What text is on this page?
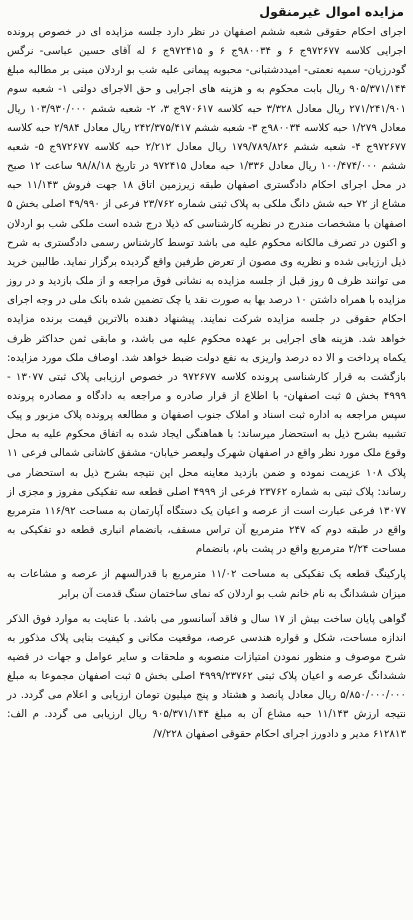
مزایده اموال غیرمنقول

اجرای احکام حقوقی شعبه ششم اصفهان در نظر دارد جلسه مزایده ای در خصوص پرونده اجرایی کلاسه ۹۷۲۶۷۷ج ۶ و ۹۸۰۰۳۴ج ۶ و ۹۷۲۴۱۵ج ۶ له آقای حسین عباسی- نرگس گودرزیان- سمیه نعمتی- امیددشتبانی- محبوبه پیمانی علیه شب بو اردلان مبنی بر مطالبه مبلغ ۹۰۵/۳۷۱/۱۴۴ ریال بابت محکوم به و هزینه های اجرایی و حق الاجرای دولتی ۱- شعبه سوم ۲۷۱/۲۴۱/۹۰۱ ریال معادل ۳/۳۲۸ حبه کلاسه ۹۷۰۶۱۷ج ۳، ۲- شعبه ششم ۱۰۳/۹۳۰/۰۰۰ ریال معادل ۱/۲۷۹ حبه کلاسه ۹۸۰۰۳۴ج ۳- شعبه ششم ۲۴۲/۳۷۵/۴۱۷ ریال معادل ۲/۹۸۴ حبه کلاسه ۹۷۲۶۷۷ج ۴- شعبه ششم ۱۷۹/۷۸۹/۸۲۶ ریال معادل ۲/۲۱۲ حبه کلاسه ۹۷۲۶۷۷ج ۵- شعبه ششم ۱۰۰/۴۷۴/۰۰۰ ریال معادل ۱/۳۳۶ حبه معادل ۹۷۲۴۱۵ در تاریخ ۹۸/۸/۱۸ ساعت ۱۲ صبح در محل اجرای احکام دادگستری اصفهان طبقه زیرزمین اتاق ۱۸ جهت فروش ۱۱/۱۴۳ حبه مشاع از ۷۲ حبه شش دانگ ملکی به پلاک ثبتی شماره ۲۳/۷۶۲ فرعی از ۴۹/۹۹۰ اصلی بخش ۵ اصفهان با مشخصات مندرج در نظریه کارشناسی که ذیلا درج شده است ملکی شب بو اردلان و اکنون در تصرف مالکانه محکوم علیه می باشد توسط کارشناس رسمی دادگستری به شرح ذیل ارزیابی شده و نظریه وی مصون از تعرض طرفین واقع گردیده برگزار نماید. طالبین خرید می توانند ظرف ۵ روز قبل از جلسه مزایده به نشانی فوق مراجعه و از ملک بازدید و در روز مزایده با همراه داشتن ۱۰ درصد بها به صورت نقد یا چک تضمین شده بانک ملی در وجه اجرای احکام حقوقی در جلسه مزایده شرکت نمایند. پیشنهاد دهنده بالاترین قیمت برنده مزایده خواهد شد. هزینه های اجرایی بر عهده محکوم علیه می باشد، و مابقی ثمن حداکثر ظرف یکماه پرداخت و الا ده درصد واریزی به نفع دولت ضبط خواهد شد. اوصاف ملک مورد مزایده: بازگشت به قرار کارشناسی پرونده کلاسه ۹۷۲۶۷۷ در خصوص ارزیابی پلاک ثبتی ۱۳۰۷۷ - ۴۹۹۹ بخش ۵ ثبت اصفهان- با اطلاع از قرار صادره و مراجعه به دادگاه و مصادره پرونده سپس مراجعه به اداره ثبت اسناد و املاک جنوب اصفهان و مطالعه پرونده پلاک مزبور و پیک تشبیه بشرح ذیل به استحضار میرساند: با هماهنگی ایجاد شده به اتفاق محکوم علیه به محل وقوع ملک مورد نظر واقع در اصفهان شهرک ولیعصر خیابان- مشفق کاشانی شمالی فرعی ۱۱ پلاک ۱۰۸ عزیمت نموده و ضمن بازدید معاینه محل این نتیجه بشرح ذیل به استحضار می رساند: پلاک ثبتی به شماره ۲۳۷۶۲ فرعی از ۴۹۹۹ اصلی قطعه سه تفکیکی مفروز و مجزی از ۱۳۰۷۷ فرعی عبارت است از عرصه و اعیان یک دستگاه آپارتمان به مساحت ۱۱۶/۹۲ مترمربع واقع در طبقه دوم که ۲۴۷ مترمربع آن تراس مسقف، بانضمام انباری قطعه دو تفکیکی به مساحت ۲/۲۴ مترمربع واقع در پشت بام، بانضمام

پارکینگ قطعه یک تفکیکی به مساحت ۱۱/۰۲ مترمربع با قدرالسهم از عرصه و مشاعات به میزان ششدانگ به نام خانم شب بو اردلان که نمای ساختمان سنگ قدمت آن برابر

گواهی پایان ساخت بیش از ۱۷ سال و فاقد آسانسور می باشد. با عنایت به موارد فوق الذکر اندازه مساحت، شکل و قواره هندسی عرصه، موقعیت مکانی و کیفیت بنایی پلاک مذکور به شرح موصوف و منظور نمودن امتیازات منصوبه و ملحقات و سایر عوامل و جهات در قضیه ششدانگ عرصه و اعیان پلاک ثبتی ۴۹۹۹/۲۳۷۶۲ اصلی بخش ۵ ثبت اصفهان مجموعا به مبلغ ۵/۸۵۰/۰۰۰/۰۰۰ ریال معادل پانصد و هشتاد و پنج میلیون تومان ارزیابی و اعلام می گردد. در نتیجه ارزش ۱۱/۱۴۳ حبه مشاع آن به مبلغ ۹۰۵/۳۷۱/۱۴۴ ریال ارزیابی می گردد. م الف: ۶۱۲۸۱۳ مدیر و دادورز اجرای احکام حقوقی اصفهان ۷/۲۲۸/
